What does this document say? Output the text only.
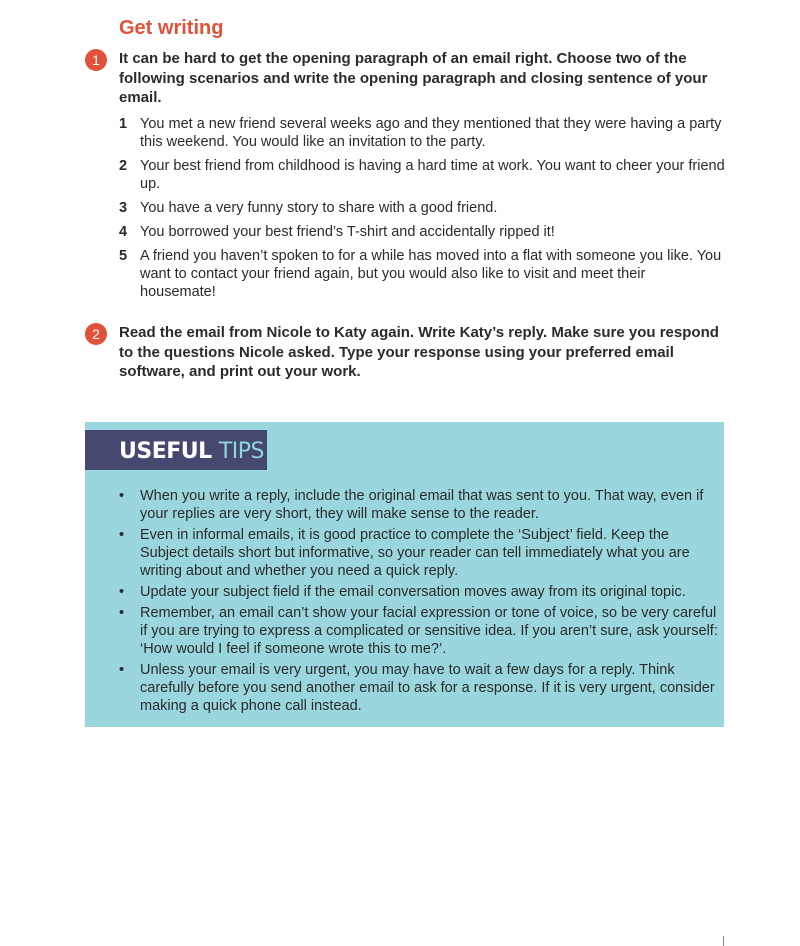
Get writing
1	It can be hard to get the opening paragraph of an email right. Choose two of the following scenarios and write the opening paragraph and closing sentence of your email.
1 You met a new friend several weeks ago and they mentioned that they were having a party this weekend. You would like an invitation to the party.
2 Your best friend from childhood is having a hard time at work. You want to cheer your friend up.
3 You have a very funny story to share with a good friend.
4 You borrowed your best friend’s T-shirt and accidentally ripped it!
5 A friend you haven’t spoken to for a while has moved into a flat with someone you like. You want to contact your friend again, but you would also like to visit and meet their housemate!
2	Read the email from Nicole to Katy again. Write Katy’s reply. Make sure you respond to the questions Nicole asked. Type your response using your preferred email software, and print out your work.
USEFUL TIPS
• When you write a reply, include the original email that was sent to you. That way, even if your replies are very short, they will make sense to the reader.
• Even in informal emails, it is good practice to complete the ‘Subject’ field. Keep the Subject details short but informative, so your reader can tell immediately what you are writing about and whether you need a quick reply.
• Update your subject field if the email conversation moves away from its original topic.
• Remember, an email can’t show your facial expression or tone of voice, so be very careful if you are trying to express a complicated or sensitive idea. If you aren’t sure, ask yourself: ‘How would I feel if someone wrote this to me?’.
• Unless your email is very urgent, you may have to wait a few days for a reply. Think carefully before you send another email to ask for a response. If it is very urgent, consider making a quick phone call instead.
